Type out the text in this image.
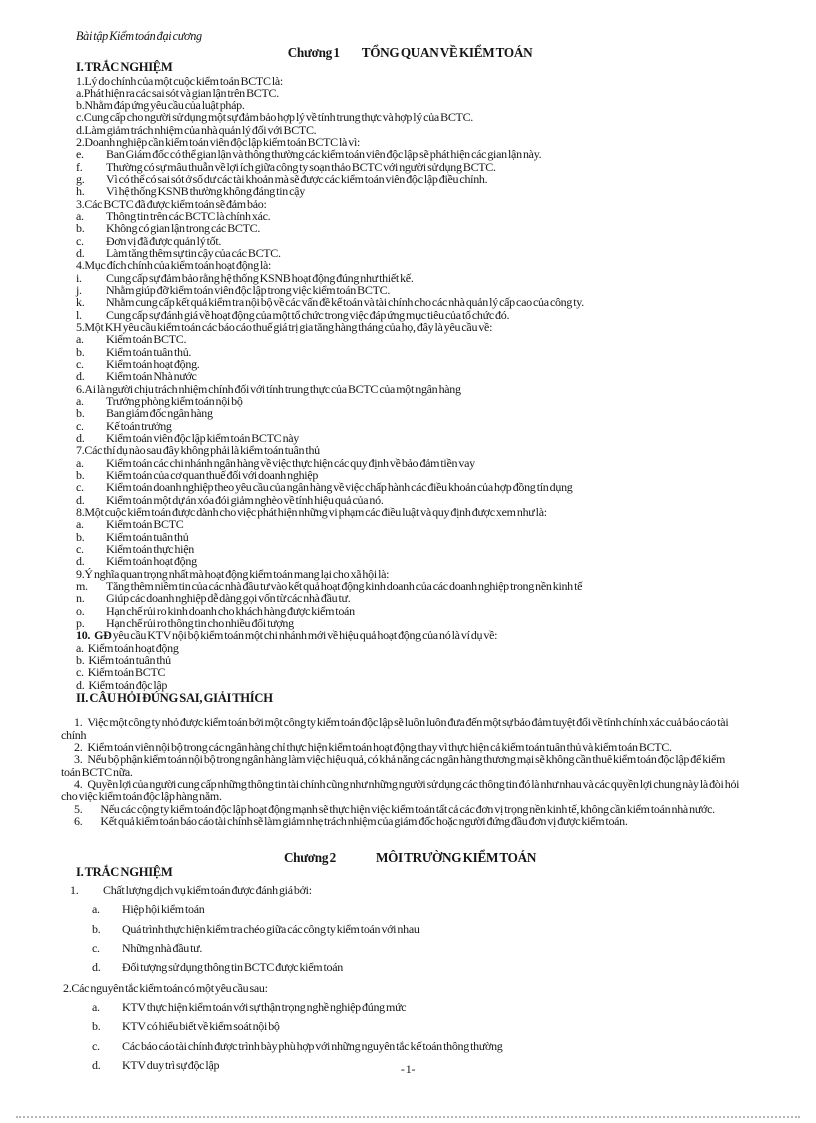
Bài tập Kiểm toán đại cương

Chương 1 TỔNG QUAN VỀ KIỂM TOÁN

I. TRẮC NGHIỆM

1.Lý do chính của một cuộc kiểm toán BCTC là:

a.Phát hiện ra các sai sót và gian lận trên BCTC.

b.Nhằm đáp ứng yêu cầu của luật pháp.

c.Cung cấp cho người sử dụng một sự đảm bảo hợp lý về tính trung thực và hợp lý của BCTC.

d.Làm giảm trách nhiệm của nhà quản lý đối với BCTC.

2.Doanh nghiệp cần kiểm toán viên độc lập kiểm toán BCTC là vì:

e. Ban Giám đốc có thể gian lận và thông thường các kiểm toán viên độc lập sẽ phát hiện các gian lận này.

f. Thường có sự mâu thuẫn về lợi ích giữa công ty soạn thảo BCTC với người sử dụng BCTC.

g. Vì có thể có sai sót ở số dư các tài khoản mà sẽ được các kiểm toán viên độc lập điều chỉnh.

h. Vì hệ thống KSNB thường không đáng tin cậy

3.Các BCTC đã được kiểm toán sẽ đảm bảo:

a. Thông tin trên các BCTC là chính xác.

b. Không có gian lận trong các BCTC.

c. Đơn vị đã được quản lý tốt.

d. Làm tăng thêm sự tin cậy của các BCTC.

4.Mục đích chính của kiểm toán hoạt động là:

i. Cung cấp sự đảm bảo rằng hệ thống KSNB hoạt động đúng như thiết kế.

j. Nhằm giúp đỡ kiểm toán viên độc lập trong việc kiểm toán BCTC.

k. Nhằm cung cấp kết quả kiểm tra nội bộ về các vấn đề kế toán và tài chính cho các nhà quản lý cấp cao của công ty.

l. Cung cấp sự đánh giá về hoạt động của một tổ chức trong việc đáp ứng mục tiêu của tổ chức đó.

5.Một KH yêu cầu kiểm toán các báo cáo thuế giá trị gia tăng hàng tháng của họ, đây là yêu cầu về:

a. Kiểm toán BCTC.

b. Kiểm toán tuân thủ.

c. Kiểm toán hoạt động.

d. Kiểm toán Nhà nước

6.Ai là người chịu trách nhiệm chính đối với tính trung thực của BCTC của một ngân hàng

a. Trưởng phòng kiểm toán nội bộ

b. Ban giám đốc ngân hàng

c. Kế toán trưởng

d. Kiểm toán viên độc lập kiểm toán BCTC này

7.Các thí dụ nào sau đây không phải là kiểm toán tuân thủ

a. Kiểm toán các chi nhánh ngân hàng về việc thực hiện các quy định về bảo đảm tiền vay

b. Kiểm toán của cơ quan thuế đối với doanh nghiệp

c. Kiểm toán doanh nghiệp theo yêu cầu của ngân hàng về việc chấp hành các điều khoản của hợp đồng tín dụng

d. Kiểm toán một dự án xóa đói giảm nghèo về tính hiệu quả của nó.

8.Một cuộc kiểm toán được dành cho việc phát hiện những vi phạm các điều luật và quy định được xem như là:

a. Kiểm toán BCTC

b. Kiểm toán tuân thủ

c. Kiểm toán thực hiện

d. Kiểm toán hoạt động

9.Ý nghĩa quan trọng nhất mà hoạt động kiểm toán mang lại cho xã hội là:

m. Tăng thêm niềm tin của các nhà đầu tư vào kết quả hoạt động kinh doanh của các doanh nghiệp trong nền kinh tế

n. Giúp các doanh nghiệp dễ dàng gọi vốn từ các nhà đầu tư.

o. Hạn chế rủi ro kinh doanh cho khách hàng được kiểm toán

p. Hạn chế rủi ro thông tin cho nhiều đối tượng

10. GĐ yêu cầu KTV nội bộ kiểm toán một chi nhánh mới về hiệu quả hoạt động của nó là ví dụ về:

a. Kiểm toán hoạt động

b. Kiểm toán tuân thủ

c. Kiểm toán BCTC

d. Kiểm toán độc lập

II. CÂU HỎI ĐÚNG SAI, GIẢI THÍCH

1. Việc một công ty nhỏ được kiểm toán bởi một công ty kiểm toán độc lập sẽ luôn luôn đưa đến một sự bảo đảm tuyệt đối về tính chính xác cuả báo cáo tài chính

2. Kiểm toán viên nội bộ trong các ngân hàng chỉ thực hiện kiểm toán hoạt động thay vì thực hiện cả kiểm toán tuân thủ và kiểm toán BCTC.

3. Nếu bộ phận kiểm toán nội bộ trong ngân hàng làm việc hiệu quả, có khả năng các ngân hàng thương mại sẽ không cần thuê kiểm toán độc lập để kiểm toán BCTC nữa.

4. Quyền lợi của người cung cấp những thông tin tài chính cũng như những người sử dụng các thông tin đó là như nhau và các quyền lợi chung này là đòi hỏi cho việc kiểm toán độc lập hàng năm.

5. Nếu các cộng ty kiểm toán độc lập hoạt động mạnh sẽ thực hiện việc kiểm toán tất cả các đơn vị trọng nền kinh tế, không cần kiểm toán nhà nước.

6. Kết quả kiểm toán báo cáo tài chính sẽ làm giảm nhẹ trách nhiệm của giám đốc hoặc người đứng đầu đơn vị được kiểm toán.

Chương 2	MÔI TRƯỜNG KIỂM TOÁN

I. TRẮC NGHIỆM

1. Chất lượng dịch vụ kiểm toán được đánh giá bởi:

a. Hiệp hội kiểm toán

b. Quá trình thực hiện kiểm tra chéo giữa các công ty kiểm toán với nhau

c. Những nhà đầu tư.

d. Đối tượng sử dụng thông tin BCTC được kiểm toán

2.Các nguyên tắc kiểm toán có một yêu cầu sau:

a. KTV thực hiện kiểm toán với sự thận trọng nghề nghiệp đúng mức

b. KTV có hiểu biết về kiểm soát nội bộ

c. Các báo cáo tài chính được trình bày phù hợp với những nguyên tắc kế toán thông thường

d. KTV duy trì sự độc lập	- 1-
